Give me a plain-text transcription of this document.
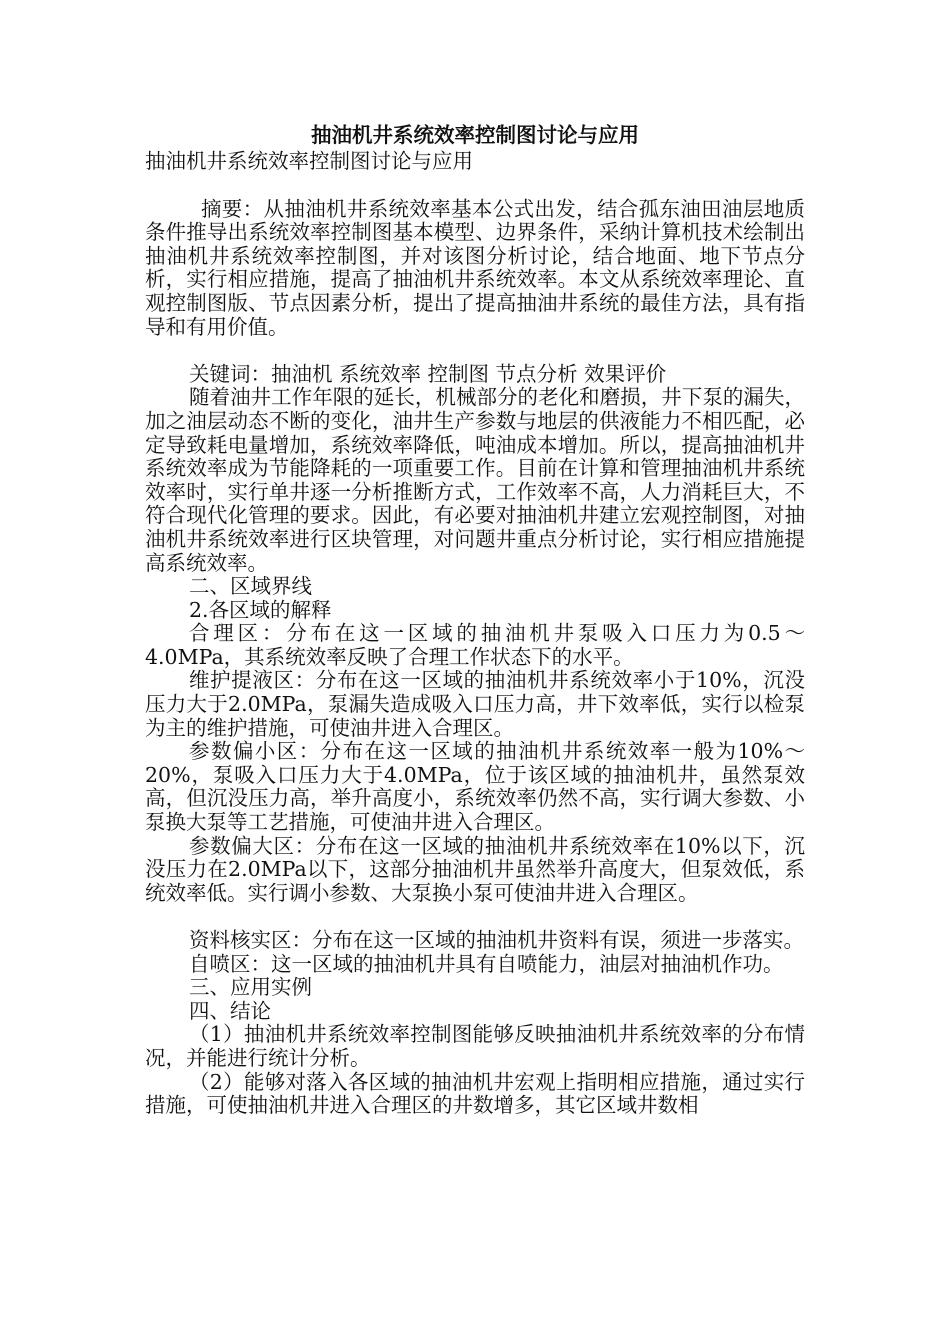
抽油机井系统效率控制图讨论与应用

抽油机井系统效率控制图讨论与应用

摘要：从抽油机井系统效率基本公式出发，结合孤东油田油层地质条件推导出系统效率控制图基本模型、边界条件，采纳计算机技术绘制出抽油机井系统效率控制图，并对该图分析讨论，结合地面、地下节点分析，实行相应措施，提高了抽油机井系统效率。本文从系统效率理论、直观控制图版、节点因素分析，提出了提高抽油井系统的最佳方法，具有指导和有用价值。

关键词：抽油机 系统效率 控制图 节点分析 效果评价

随着油井工作年限的延长，机械部分的老化和磨损，井下泵的漏失，加之油层动态不断的变化，油井生产参数与地层的供液能力不相匹配，必定导致耗电量增加，系统效率降低，吨油成本增加。所以，提高抽油机井系统效率成为节能降耗的一项重要工作。目前在计算和管理抽油机井系统效率时，实行单井逐一分析推断方式，工作效率不高，人力消耗巨大，不符合现代化管理的要求。因此，有必要对抽油机井建立宏观控制图，对抽油机井系统效率进行区块管理，对问题井重点分析讨论，实行相应措施提高系统效率。

二、区域界线

2.各区域的解释

合理区：分布在这一区域的抽油机井泵吸入口压力为0.5～4.0MPa，其系统效率反映了合理工作状态下的水平。

维护提液区：分布在这一区域的抽油机井系统效率小于10%，沉没压力大于2.0MPa，泵漏失造成吸入口压力高，井下效率低，实行以检泵为主的维护措施，可使油井进入合理区。

参数偏小区：分布在这一区域的抽油机井系统效率一般为10%～20%，泵吸入口压力大于4.0MPa，位于该区域的抽油机井，虽然泵效高，但沉没压力高，举升高度小，系统效率仍然不高，实行调大参数、小泵换大泵等工艺措施，可使油井进入合理区。

参数偏大区：分布在这一区域的抽油机井系统效率在10%以下，沉没压力在2.0MPa以下，这部分抽油机井虽然举升高度大，但泵效低，系统效率低。实行调小参数、大泵换小泵可使油井进入合理区。

资料核实区：分布在这一区域的抽油机井资料有误，须进一步落实。

自喷区：这一区域的抽油机井具有自喷能力，油层对抽油机作功。

三、应用实例

四、结论

（1）抽油机井系统效率控制图能够反映抽油机井系统效率的分布情况，并能进行统计分析。

（2）能够对落入各区域的抽油机井宏观上指明相应措施，通过实行措施，可使抽油机井进入合理区的井数增多，其它区域井数相
